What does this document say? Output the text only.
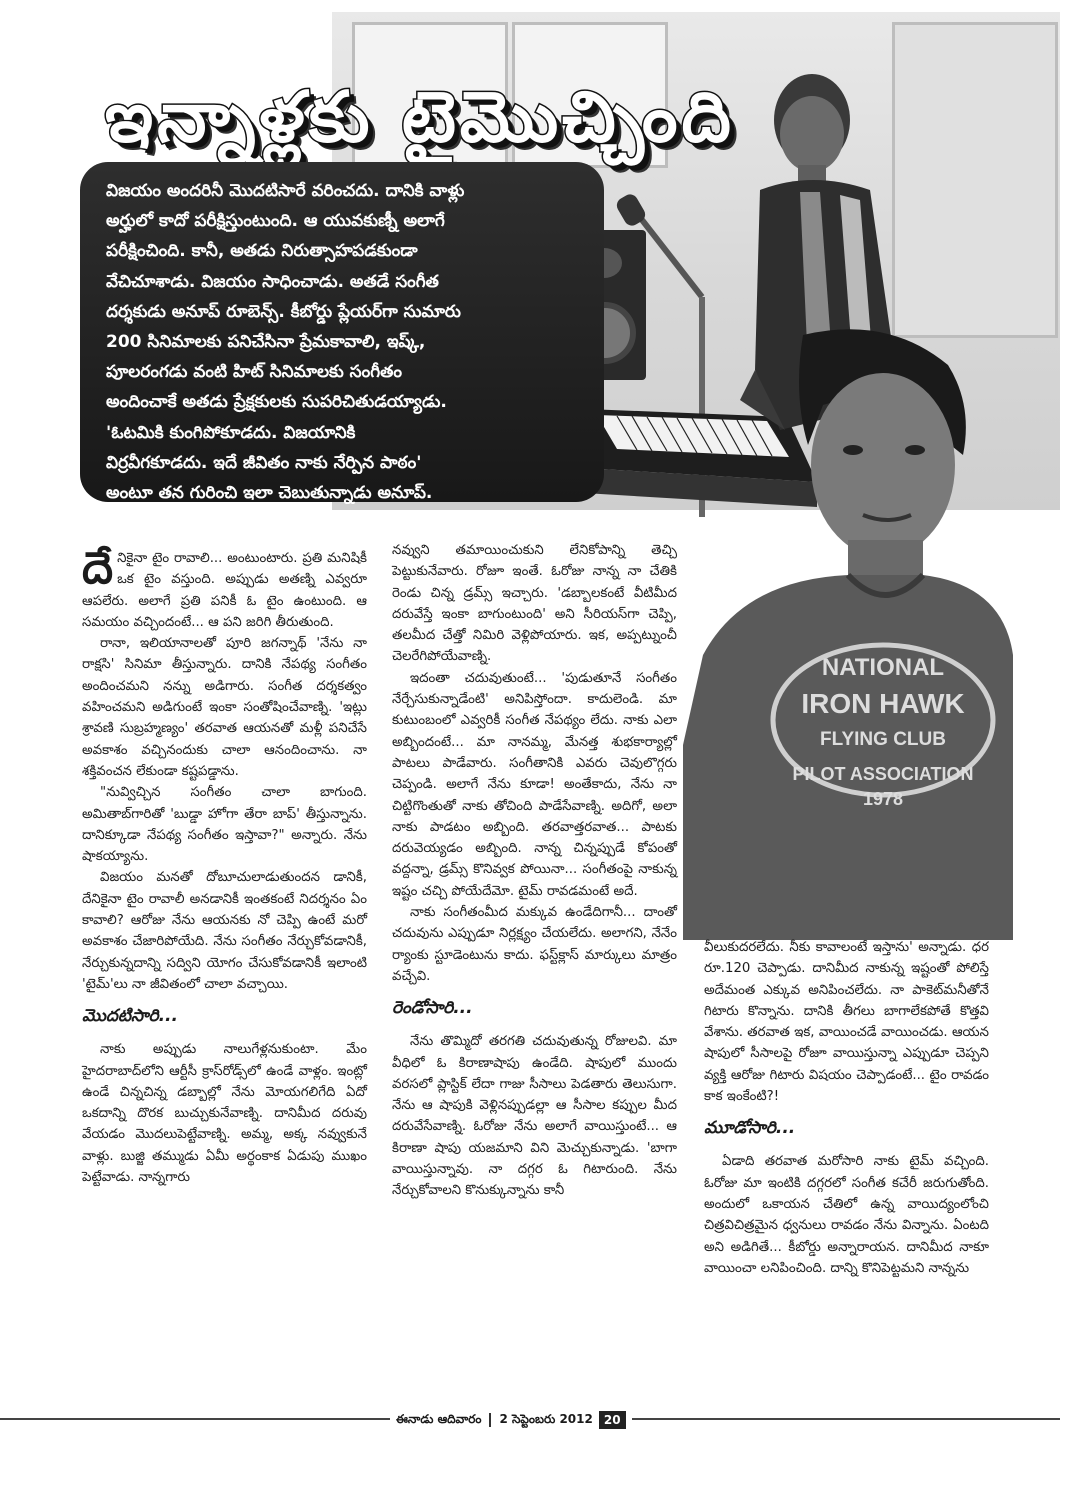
NATIONAL
IRON HAWK
FLYING CLUB
PILOT ASSOCIATION
1978
ఇన్నాళ్లకు టైమొచ్చింది

విజయం అందరినీ మొదటిసారే వరించదు. దానికి వాళ్లు

అర్హులో కాదో పరీక్షిస్తుంటుంది. ఆ యువకుణ్నీ అలాగే

పరీక్షించింది. కానీ, అతడు నిరుత్సాహపడకుండా

వేచిచూశాడు. విజయం సాధించాడు. అతడే సంగీత

దర్శకుడు అనూప్ రూబెన్స్. కీబోర్డు ప్లేయర్‌గా సుమారు

200 సినిమాలకు పనిచేసినా ప్రేమకావాలి, ఇష్క్,

పూలరంగడు వంటి హిట్ సినిమాలకు సంగీతం

అందించాకే అతడు ప్రేక్షకులకు సుపరిచితుడయ్యాడు.

'ఓటమికి కుంగిపోకూడదు. విజయానికి

విర్రవీగకూడదు. ఇదే జీవితం నాకు నేర్పిన పాఠం'

అంటూ తన గురించి ఇలా చెబుతున్నాడు అనూప్.

దేనికైనా టైం రావాలి... అంటుంటారు. ప్రతి మనిషికీ ఒక టైం వస్తుంది. అప్పుడు అతణ్ని ఎవ్వరూ ఆపలేరు. అలాగే ప్రతి పనికీ ఓ టైం ఉంటుంది. ఆ సమయం వచ్చిందంటే... ఆ పని జరిగి తీరుతుంది.

రానా, ఇలియానాలతో పూరి జగన్నాథ్ 'నేను నా రాక్షసి' సినిమా తీస్తున్నారు. దానికి నేపథ్య సంగీతం అందించమని నన్ను అడిగారు. సంగీత దర్శకత్వం వహించమని అడిగుంటే ఇంకా సంతోషించేవాణ్ని. 'ఇట్లు శ్రావణి సుబ్రహ్మణ్యం' తరవాత ఆయనతో మళ్లీ పనిచేసే అవకాశం వచ్చినందుకు చాలా ఆనందించాను. నా శక్తివంచన లేకుండా కష్టపడ్డాను.

"నువ్విచ్చిన సంగీతం చాలా బాగుంది. అమితాబ్‌గారితో 'బుడ్డా హోగా తేరా బాప్' తీస్తున్నాను. దానిక్కూడా నేపథ్య సంగీతం ఇస్తావా?" అన్నారు. నేను షాకయ్యాను.

విజయం మనతో దోబూచులాడుతుందన డానికీ, దేనికైనా టైం రావాలీ అనడానికీ ఇంతకంటే నిదర్శనం ఏం కావాలి? ఆరోజు నేను ఆయనకు నో చెప్పి ఉంటే మరో అవకాశం చేజారిపోయేది. నేను సంగీతం నేర్చుకోవడానికీ, నేర్చుకున్నదాన్ని సద్విని యోగం చేసుకోవడానికీ ఇలాంటి 'టైమ్'లు నా జీవితంలో చాలా వచ్చాయి.

మొదటిసారి...

నాకు అప్పుడు నాలుగేళ్లనుకుంటా. మేం హైదరాబాద్‌లోని ఆర్టీసీ క్రాస్‌రోడ్స్‌లో ఉండే వాళ్లం. ఇంట్లో ఉండే చిన్నచిన్న డబ్బాల్లో నేను మోయగలిగేది ఏదో ఒకదాన్ని దొరక బుచ్చుకునేవాణ్ని. దానిమీద దరువు వేయడం మొదలుపెట్టేవాణ్ని. అమ్మ, అక్క నవ్వుకునే వాళ్లు. బుజ్జి తమ్ముడు ఏమీ అర్థంకాక ఏడుపు ముఖం పెట్టేవాడు. నాన్నగారు

నవ్వుని తమాయించుకుని లేనికోపాన్ని తెచ్చి పెట్టుకునేవారు. రోజూ ఇంతే. ఓరోజు నాన్న నా చేతికి రెండు చిన్న డ్రమ్స్ ఇచ్చారు. 'డబ్బాలకంటే వీటిమీద దరువేస్తే ఇంకా బాగుంటుంది' అని సీరియస్‌గా చెప్పి, తలమీద చేత్తో నిమిరి వెళ్లిపోయారు. ఇక, అప్పట్నుంచీ చెలరేగిపోయేవాణ్ని.

ఇదంతా చదువుతుంటే... 'పుడుతూనే సంగీతం నేర్చేసుకున్నాడేంటి' అనిపిస్తోందా. కాదులెండి. మా కుటుంబంలో ఎవ్వరికీ సంగీత నేపథ్యం లేదు. నాకు ఎలా అబ్బిందంటే... మా నానమ్మ, మేనత్త శుభకార్యాల్లో పాటలు పాడేవారు. సంగీతానికి ఎవరు చెవులొగ్గరు చెప్పండి. అలాగే నేను కూడా! అంతేకాదు, నేను నా చిట్టిగొంతుతో నాకు తోచింది పాడేసేవాణ్ని. అదిగో, అలా నాకు పాడటం అబ్బింది. తరవాత్తరవాత... పాటకు దరువెయ్యడం అబ్బింది. నాన్న చిన్నప్పుడే కోపంతో వద్దన్నా, డ్రమ్స్ కొనివ్వక పోయినా... సంగీతంపై నాకున్న ఇష్టం చచ్చి పోయేదేమో. టైమ్ రావడమంటే అదే.

నాకు సంగీతంమీద మక్కువ ఉండేదిగానీ... దాంతో చదువును ఎప్పుడూ నిర్లక్ష్యం చేయలేదు. అలాగని, నేనేం ర్యాంకు స్టూడెంటును కాదు. ఫస్ట్‌క్లాస్ మార్కులు మాత్రం వచ్చేవి.

రెండోసారి...

నేను తొమ్మిదో తరగతి చదువుతున్న రోజులవి. మా వీధిలో ఓ కిరాణాషాపు ఉండేది. షాపులో ముందు వరసలో ప్లాస్టిక్ లేదా గాజు సీసాలు పెడతారు తెలుసుగా. నేను ఆ షాపుకి వెళ్లినప్పుడల్లా ఆ సీసాల కప్పుల మీద దరువేసేవాణ్ని. ఓరోజు నేను అలాగే వాయిస్తుంటే... ఆ కిరాణా షాపు యజమాని విని మెచ్చుకున్నాడు. 'బాగా వాయిస్తున్నావు. నా దగ్గర ఓ గిటారుంది. నేను నేర్చుకోవాలని కొనుక్కున్నాను కానీ

వీలుకుదరలేదు. నీకు కావాలంటే ఇస్తాను' అన్నాడు. ధర రూ.120 చెప్పాడు. దానిమీద నాకున్న ఇష్టంతో పోలిస్తే అదేమంత ఎక్కువ అనిపించలేదు. నా పాకెట్‌మనీతోనే గిటారు కొన్నాను. దానికి తీగలు బాగాలేకపోతే కొత్తవి వేశాను. తరవాత ఇక, వాయించడే వాయించడు. ఆయన షాపులో సీసాలపై రోజూ వాయిస్తున్నా ఎప్పుడూ చెప్పని వ్యక్తి ఆరోజు గిటారు విషయం చెప్పాడంటే... టైం రావడం కాక ఇంకేంటి?!

మూడోసారి...

ఏడాది తరవాత మరోసారి నాకు టైమ్ వచ్చింది. ఓరోజు మా ఇంటికి దగ్గరలో సంగీత కచేరీ జరుగుతోంది. అందులో ఒకాయన చేతిలో ఉన్న వాయిద్యంలోంచి చిత్రవిచిత్రమైన ధ్వనులు రావడం నేను విన్నాను. ఏంటది అని అడిగితే... కీబోర్డు అన్నారాయన. దానిమీద నాకూ వాయించా లనిపించింది. దాన్ని కొనిపెట్టమని నాన్నను

ఈనాడు ఆదివారం 2 సెప్టెంబరు 2012 20
